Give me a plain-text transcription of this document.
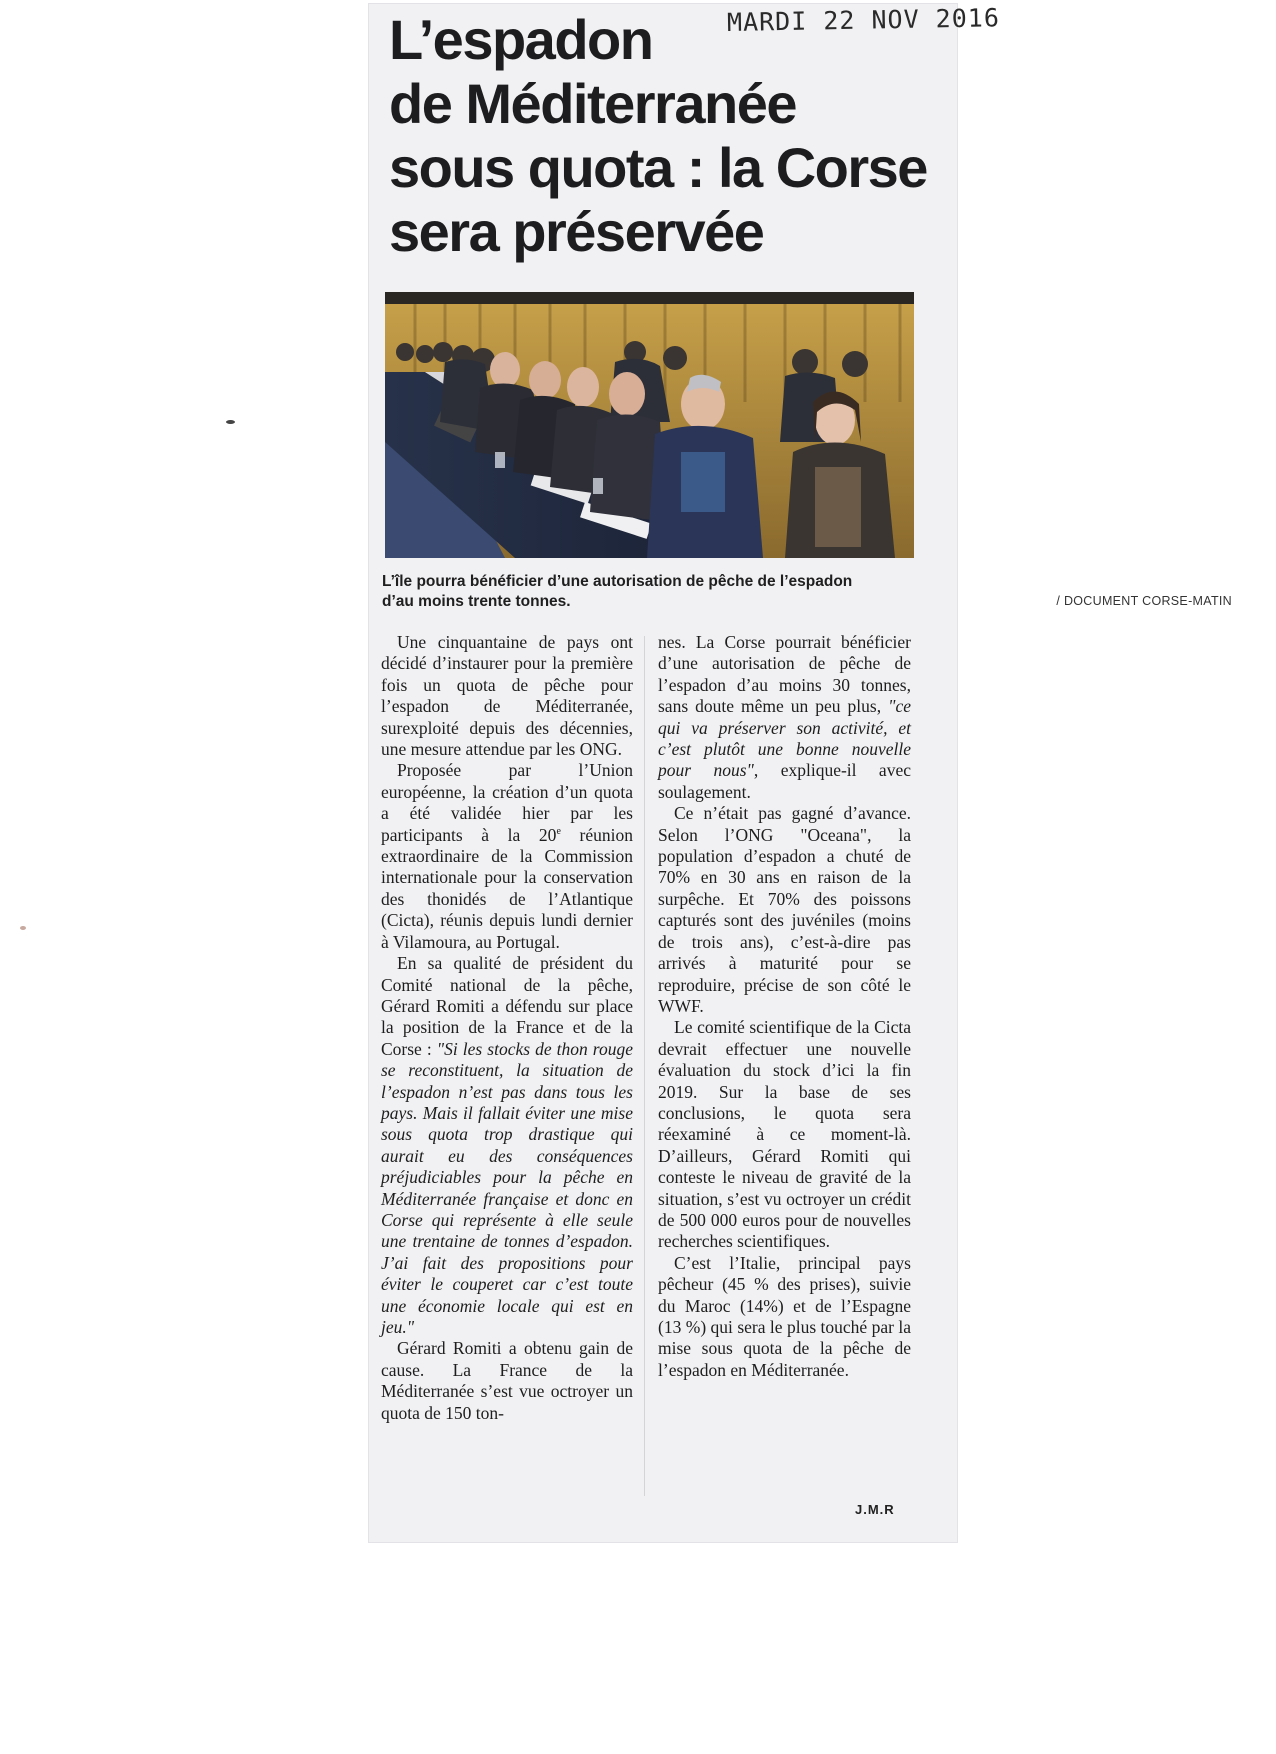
MARDI 22 NOV 2016
L’espadon
de Méditerranée
sous quota : la Corse
sera préservée
L’île pourra bénéficier d’une autorisation de pêche de l’espadon
d’au moins trente tonnes.	/ DOCUMENT CORSE-MATIN

Une cinquantaine de pays ont décidé d’instaurer pour la première fois un quota de pêche pour l’espadon de Méditerranée, surexploité depuis des décennies, une mesure attendue par les ONG.

Proposée par l’Union européenne, la création d’un quota a été validée hier par les participants à la 20e réunion extraordinaire de la Commission internationale pour la conservation des thonidés de l’Atlantique (Cicta), réunis depuis lundi dernier à Vilamoura, au Portugal.

En sa qualité de président du Comité national de la pêche, Gérard Romiti a défendu sur place la position de la France et de la Corse : "Si les stocks de thon rouge se reconstituent, la situation de l’espadon n’est pas dans tous les pays. Mais il fallait éviter une mise sous quota trop drastique qui aurait eu des conséquences préjudiciables pour la pêche en Méditerranée française et donc en Corse qui représente à elle seule une trentaine de tonnes d’espadon. J’ai fait des propositions pour éviter le couperet car c’est toute une économie locale qui est en jeu."

Gérard Romiti a obtenu gain de cause. La France de la Méditerranée s’est vue octroyer un quota de 150 ton-

nes. La Corse pourrait bénéficier d’une autorisation de pêche de l’espadon d’au moins 30 tonnes, sans doute même un peu plus, "ce qui va préserver son activité, et c’est plutôt une bonne nouvelle pour nous", explique-il avec soulagement.

Ce n’était pas gagné d’avance. Selon l’ONG "Oceana", la population d’espadon a chuté de 70% en 30 ans en raison de la surpêche. Et 70% des poissons capturés sont des juvéniles (moins de trois ans), c’est-à-dire pas arrivés à maturité pour se reproduire, précise de son côté le WWF.

Le comité scientifique de la Cicta devrait effectuer une nouvelle évaluation du stock d’ici la fin 2019. Sur la base de ses conclusions, le quota sera réexaminé à ce moment-là. D’ailleurs, Gérard Romiti qui conteste le niveau de gravité de la situation, s’est vu octroyer un crédit de 500 000 euros pour de nouvelles recherches scientifiques.

C’est l’Italie, principal pays pêcheur (45 % des prises), suivie du Maroc (14%) et de l’Espagne (13 %) qui sera le plus touché par la mise sous quota de la pêche de l’espadon en Méditerranée.

J.M.R
